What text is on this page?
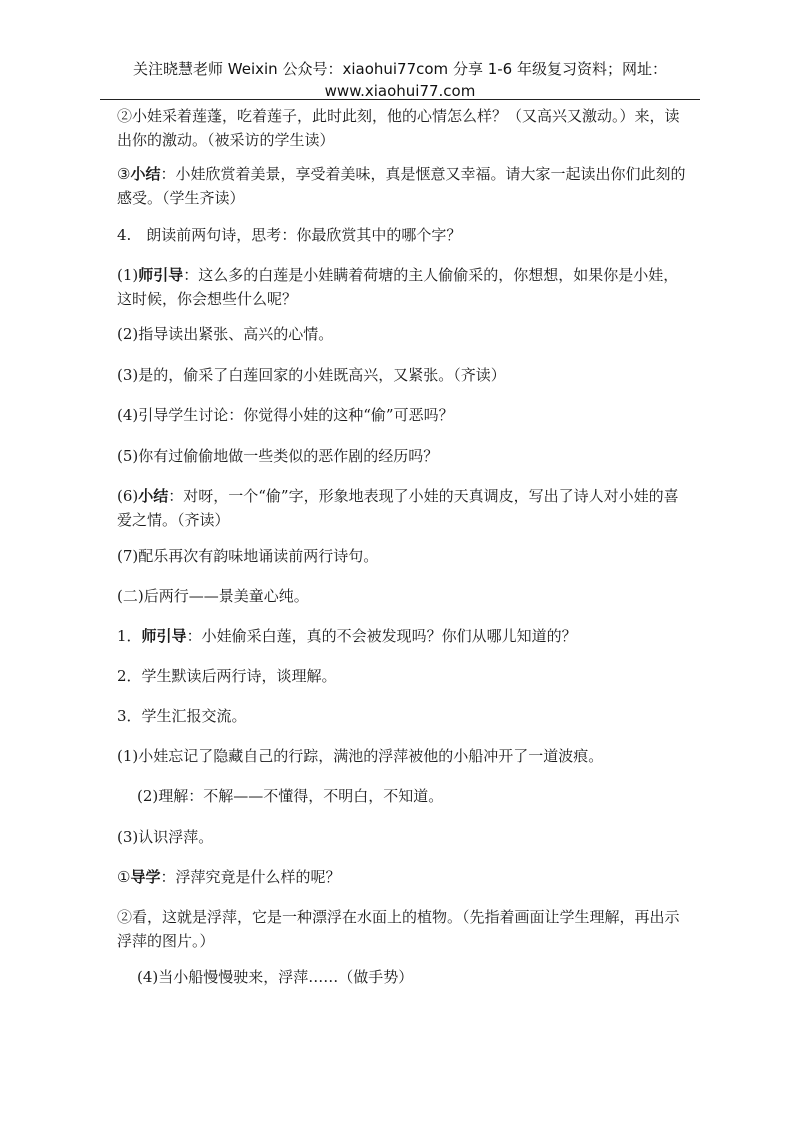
关注晓慧老师 Weixin 公众号：xiaohui77com 分享 1-6 年级复习资料；网址：
www.xiaohui77.com
②小娃采着莲蓬，吃着莲子，此时此刻，他的心情怎么样？（又高兴又激动。）来，读出你的激动。（被采访的学生读）
③小结：小娃欣赏着美景，享受着美味，真是惬意又幸福。请大家一起读出你们此刻的感受。（学生齐读）
4.　朗读前两句诗，思考：你最欣赏其中的哪个字？
(1)师引导：这么多的白莲是小娃瞒着荷塘的主人偷偷采的，你想想，如果你是小娃，这时候，你会想些什么呢？
(2)指导读出紧张、高兴的心情。
(3)是的，偷采了白莲回家的小娃既高兴，又紧张。（齐读）
(4)引导学生讨论：你觉得小娃的这种“偷”可恶吗？
(5)你有过偷偷地做一些类似的恶作剧的经历吗？
(6)小结：对呀，一个“偷”字，形象地表现了小娃的天真调皮，写出了诗人对小娃的喜爱之情。（齐读）
(7)配乐再次有韵味地诵读前两行诗句。
(二)后两行——景美童心纯。
1．师引导：小娃偷采白莲，真的不会被发现吗？你们从哪儿知道的？
2．学生默读后两行诗，谈理解。
3．学生汇报交流。
(1)小娃忘记了隐藏自己的行踪，满池的浮萍被他的小船冲开了一道波痕。
(2)理解：不解——不懂得，不明白，不知道。
(3)认识浮萍。
①导学：浮萍究竟是什么样的呢？
②看，这就是浮萍，它是一种漂浮在水面上的植物。（先指着画面让学生理解，再出示浮萍的图片。）
(4)当小船慢慢驶来，浮萍……（做手势）
